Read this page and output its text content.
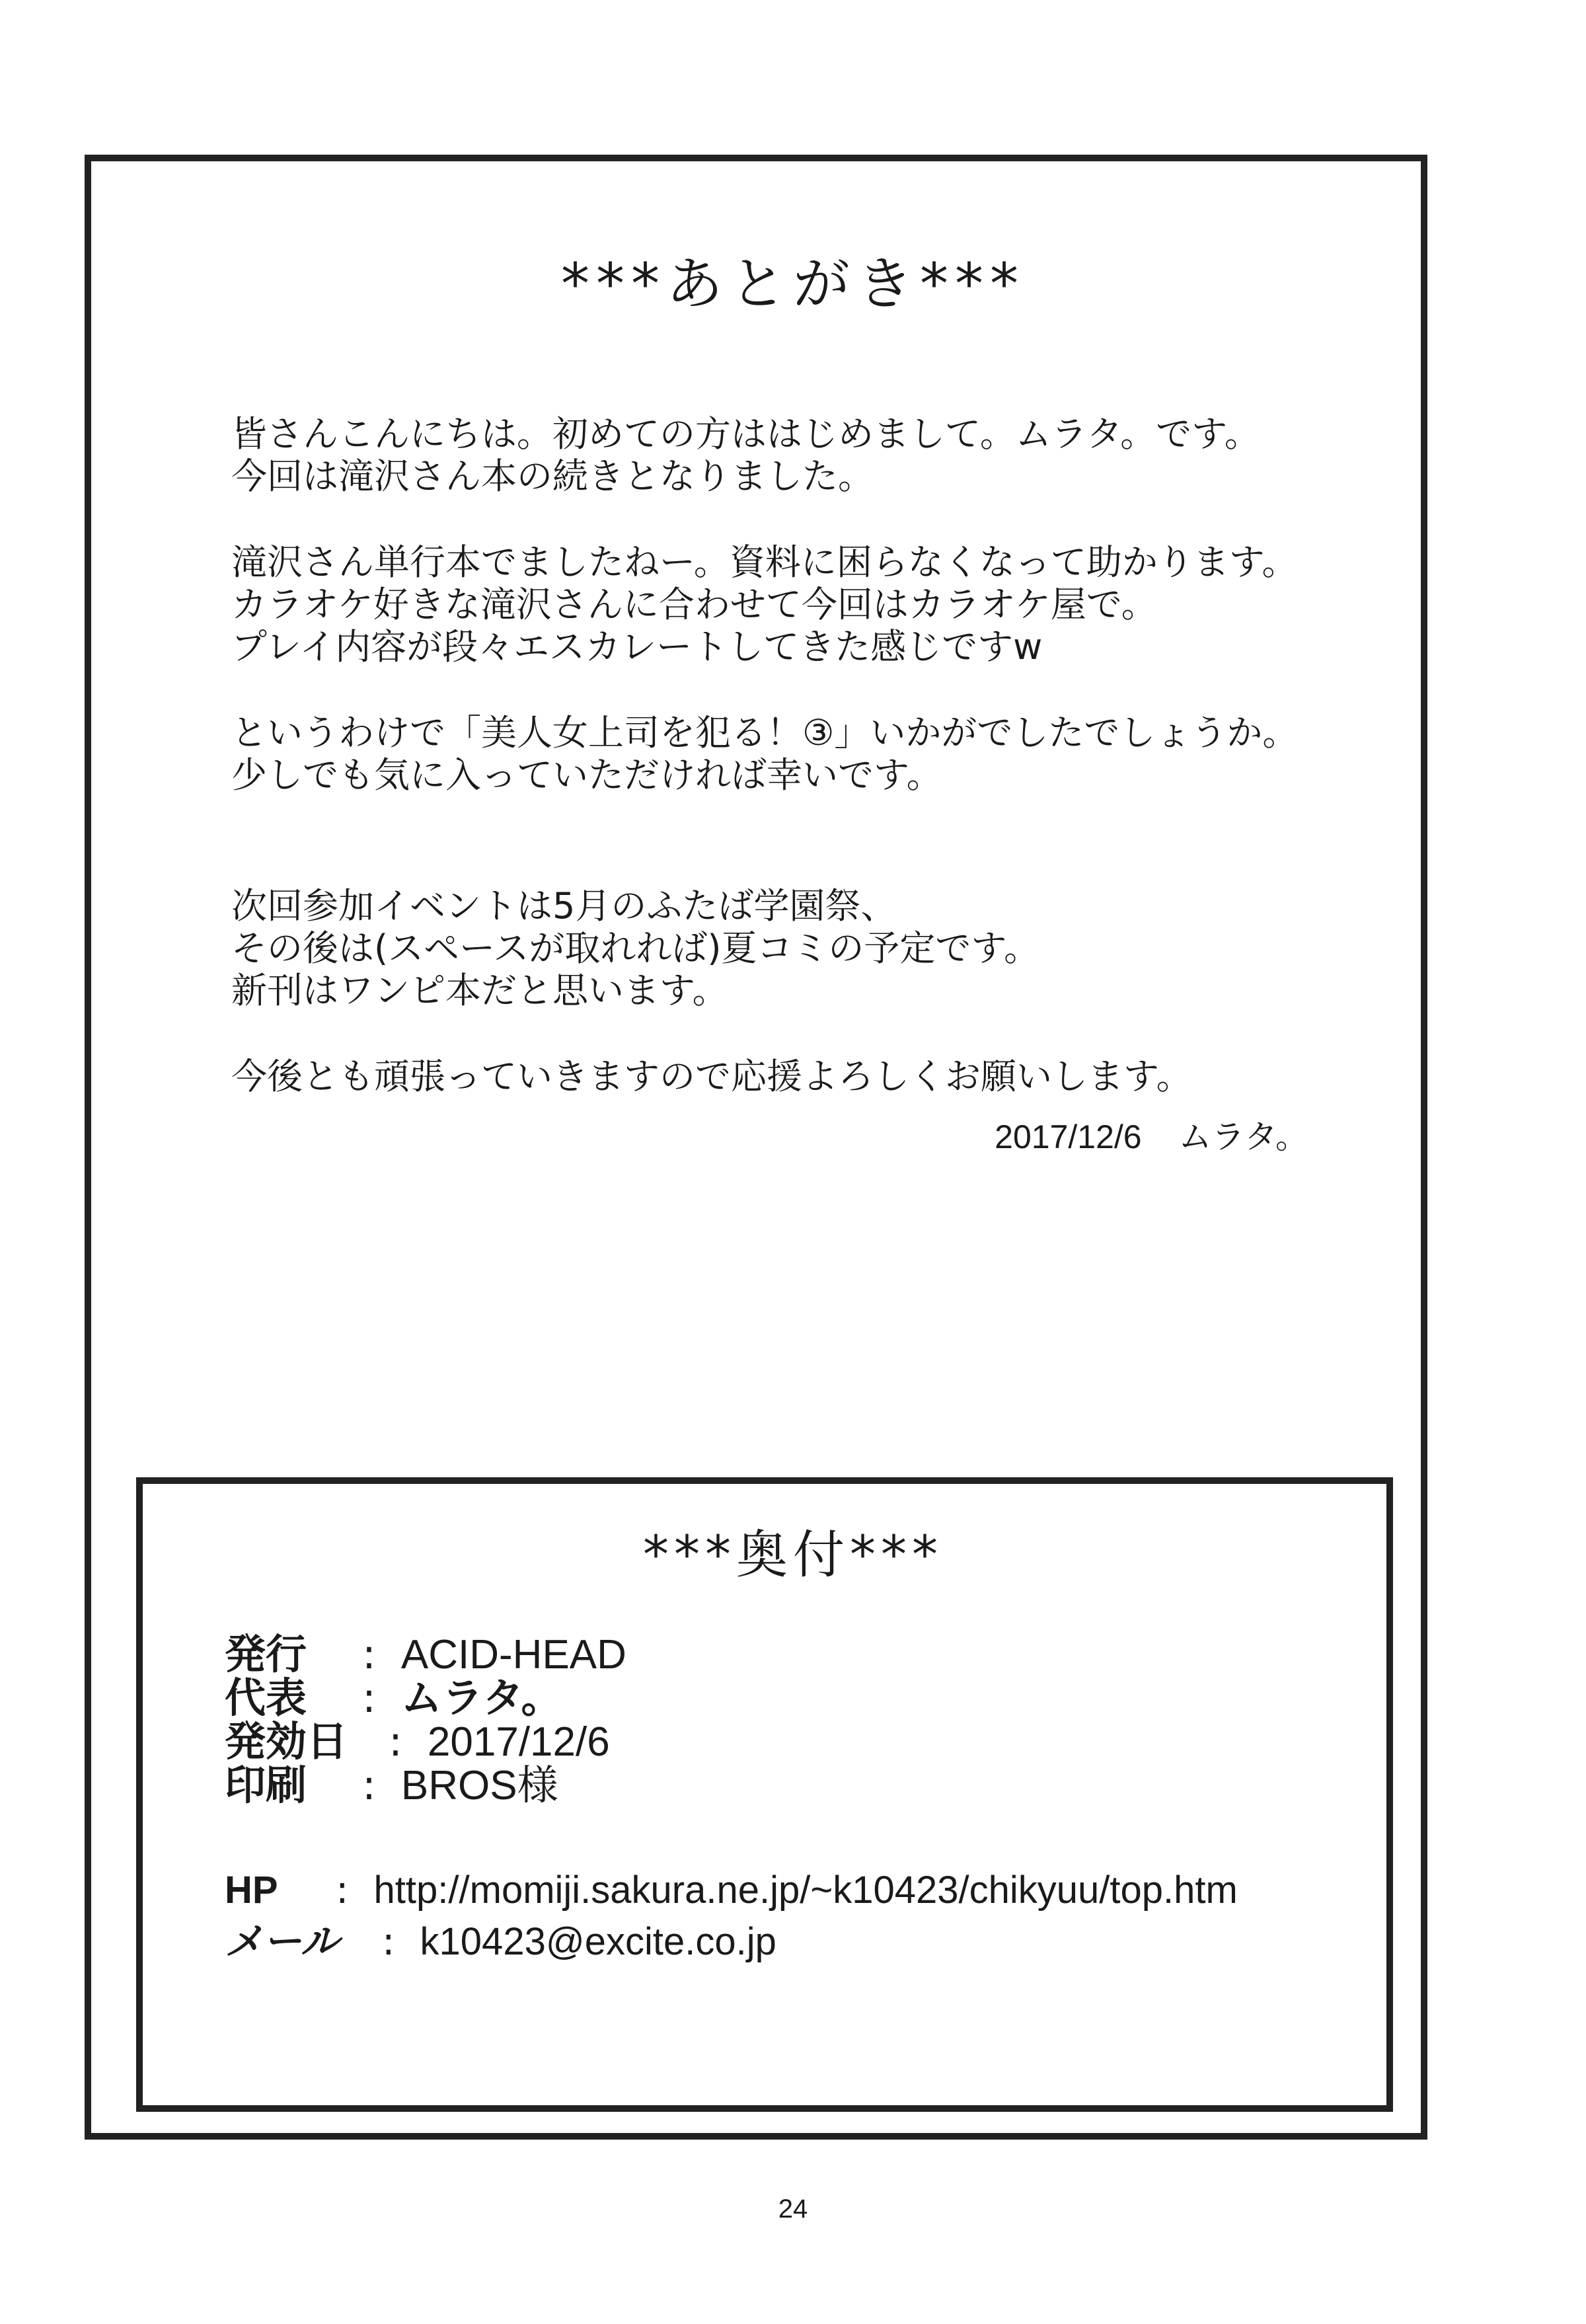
***あとがき***
皆さんこんにちは。初めての方ははじめまして。ムラタ。です。
今回は滝沢さん本の続きとなりました。
滝沢さん単行本でましたねー。資料に困らなくなって助かります。
カラオケ好きな滝沢さんに合わせて今回はカラオケ屋で。
プレイ内容が段々エスカレートしてきた感じですw
というわけで「美人女上司を犯る！③」いかがでしたでしょうか。
少しでも気に入っていただければ幸いです。
次回参加イベントは5月のふたば学園祭、
その後は(スペースが取れれば)夏コミの予定です。
新刊はワンピ本だと思います。
今後とも頑張っていきますので応援よろしくお願いします。
2017/12/6 ムラタ。
***奥付***
発行	: ACID-HEAD
代表	: ムラタ。
発効日 : 2017/12/6
印刷	: BROS様
HP	: http://momiji.sakura.ne.jp/~k10423/chikyuu/top.htm
メール	: k10423@excite.co.jp
24
